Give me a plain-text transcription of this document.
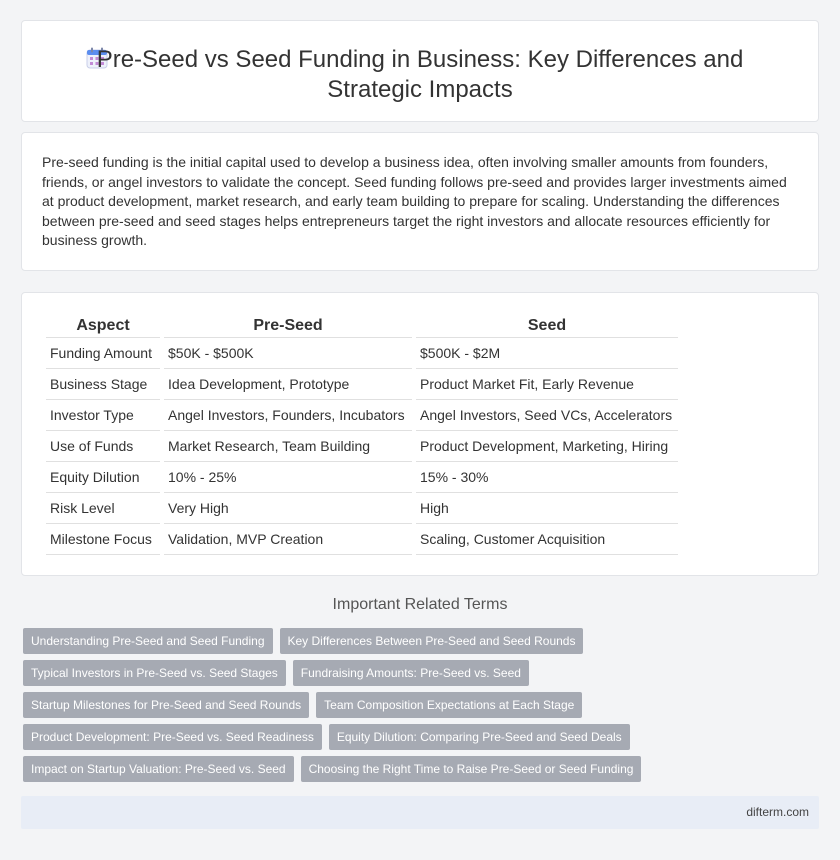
Pre-Seed vs Seed Funding in Business: Key Differences and
Strategic Impacts

Pre-seed funding is the initial capital used to develop a business idea, often involving smaller amounts from founders, friends, or angel investors to validate the concept. Seed funding follows pre-seed and provides larger investments aimed at product development, market research, and early team building to prepare for scaling. Understanding the differences between pre-seed and seed stages helps entrepreneurs target the right investors and allocate resources efficiently for business growth.

Aspect	Pre-Seed	Seed
Funding Amount	$50K - $500K	$500K - $2M
Business Stage	Idea Development, Prototype	Product Market Fit, Early Revenue
Investor Type	Angel Investors, Founders, Incubators	Angel Investors, Seed VCs, Accelerators
Use of Funds	Market Research, Team Building	Product Development, Marketing, Hiring
Equity Dilution	10% - 25%	15% - 30%
Risk Level	Very High	High
Milestone Focus	Validation, MVP Creation	Scaling, Customer Acquisition
Important Related Terms
Understanding Pre-Seed and Seed Funding	Key Differences Between Pre-Seed and Seed Rounds
Typical Investors in Pre-Seed vs. Seed Stages	Fundraising Amounts: Pre-Seed vs. Seed
Startup Milestones for Pre-Seed and Seed Rounds	Team Composition Expectations at Each Stage
Product Development: Pre-Seed vs. Seed Readiness	Equity Dilution: Comparing Pre-Seed and Seed Deals
Impact on Startup Valuation: Pre-Seed vs. Seed	Choosing the Right Time to Raise Pre-Seed or Seed Funding
difterm.com
